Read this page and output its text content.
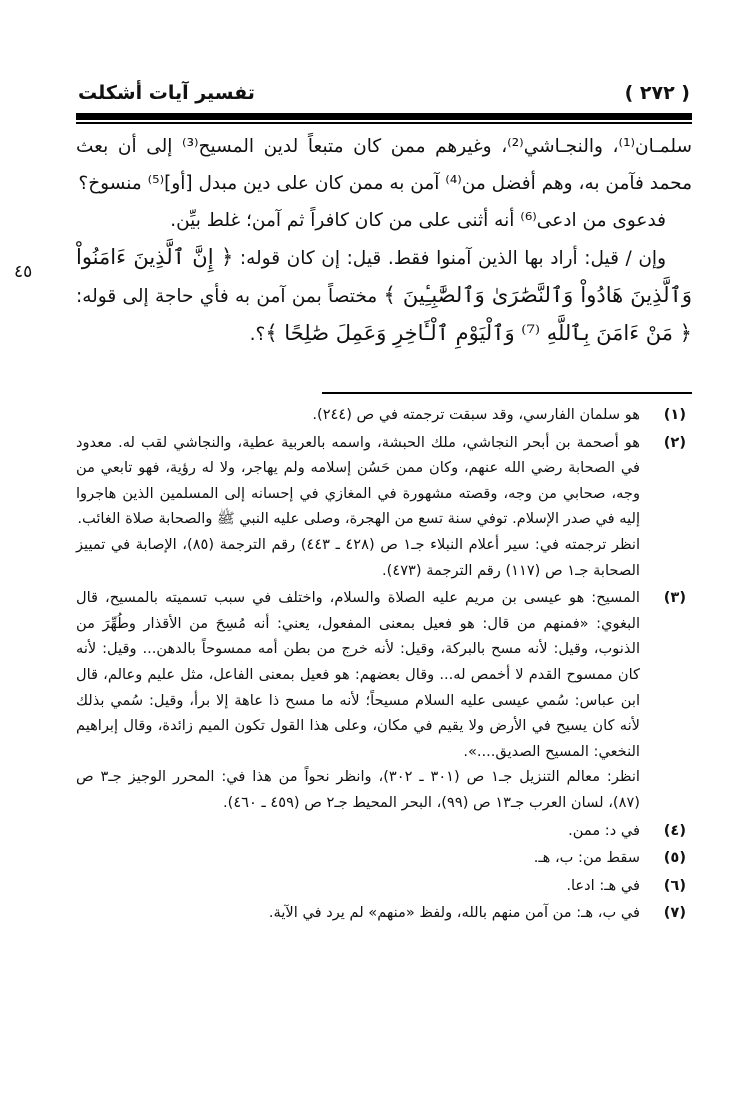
( ٢٧٢ )
تفسير آيات أشكلت
٤٥

سلمـان⁽¹⁾، والنجـاشي⁽²⁾، وغيرهم ممن كان متبعاً لدين المسيح⁽³⁾ إلى أن بعث محمد فآمن به، وهم أفضل من⁽⁴⁾ آمن به ممن كان على دين مبدل [أو]⁽⁵⁾ منسوخ؟

فدعوى من ادعى⁽⁶⁾ أنه أثنى على من كان كافراً ثم آمن؛ غلط بيِّن.

وإن / قيل: أراد بها الذين آمنوا فقط. قيل: إن كان قوله: ﴿ إِنَّ ٱلَّذِينَ ءَامَنُواْ وَٱلَّذِينَ هَادُواْ وَٱلنَّصَٰرَىٰ وَٱلصَّٰبِـِٔينَ ﴾ مختصاً بمن آمن به فأي حاجة إلى قوله: ﴿ مَنْ ءَامَنَ بِٱللَّهِ ⁽⁷⁾ وَٱلْيَوْمِ ٱلْـَٔاخِرِ وَعَمِلَ صَٰلِحًا ﴾؟.

(١)

هو سلمان الفارسي، وقد سبقت ترجمته في ص (٢٤٤).

(٢)

هو أصحمة بن أبحر النجاشي، ملك الحبشة، واسمه بالعربية عطية، والنجاشي لقب له. معدود في الصحابة رضي الله عنهم، وكان ممن حَسُن إسلامه ولم يهاجر، ولا له رؤية، فهو تابعي من وجه، صحابي من وجه، وقصته مشهورة في المغازي في إحسانه إلى المسلمين الذين هاجروا إليه في صدر الإسلام. توفي سنة تسع من الهجرة، وصلى عليه النبي ﷺ والصحابة صلاة الغائب.

انظر ترجمته في: سير أعلام النبلاء جـ١ ص (٤٢٨ ـ ٤٤٣) رقم الترجمة (٨٥)، الإصابة في تمييز الصحابة جـ١ ص (١١٧) رقم الترجمة (٤٧٣).

(٣)

المسيح: هو عيسى بن مريم عليه الصلاة والسلام، واختلف في سبب تسميته بالمسيح، قال البغوي: «فمنهم من قال: هو فعيل بمعنى المفعول، يعني: أنه مُسِحَ من الأقذار وطُهِّرَ من الذنوب، وقيل: لأنه مسح بالبركة، وقيل: لأنه خرج من بطن أمه ممسوحاً بالدهن... وقيل: لأنه كان ممسوح القدم لا أخمص له... وقال بعضهم: هو فعيل بمعنى الفاعل، مثل عليم وعالم، قال ابن عباس: سُمي عيسى عليه السلام مسيحاً؛ لأنه ما مسح ذا عاهة إلا برأ، وقيل: سُمي بذلك لأنه كان يسيح في الأرض ولا يقيم في مكان، وعلى هذا القول تكون الميم زائدة، وقال إبراهيم النخعي: المسيح الصديق....».

انظر: معالم التنزيل جـ١ ص (٣٠١ ـ ٣٠٢)، وانظر نحواً من هذا في: المحرر الوجيز جـ٣ ص (٨٧)، لسان العرب جـ١٣ ص (٩٩)، البحر المحيط جـ٢ ص (٤٥٩ ـ ٤٦٠).

(٤)

في د: ممن.

(٥)

سقط من: ب، هـ.

(٦)

في هـ: ادعا.

(٧)

في ب، هـ: من آمن منهم بالله، ولفظ «منهم» لم يرد في الآية.
